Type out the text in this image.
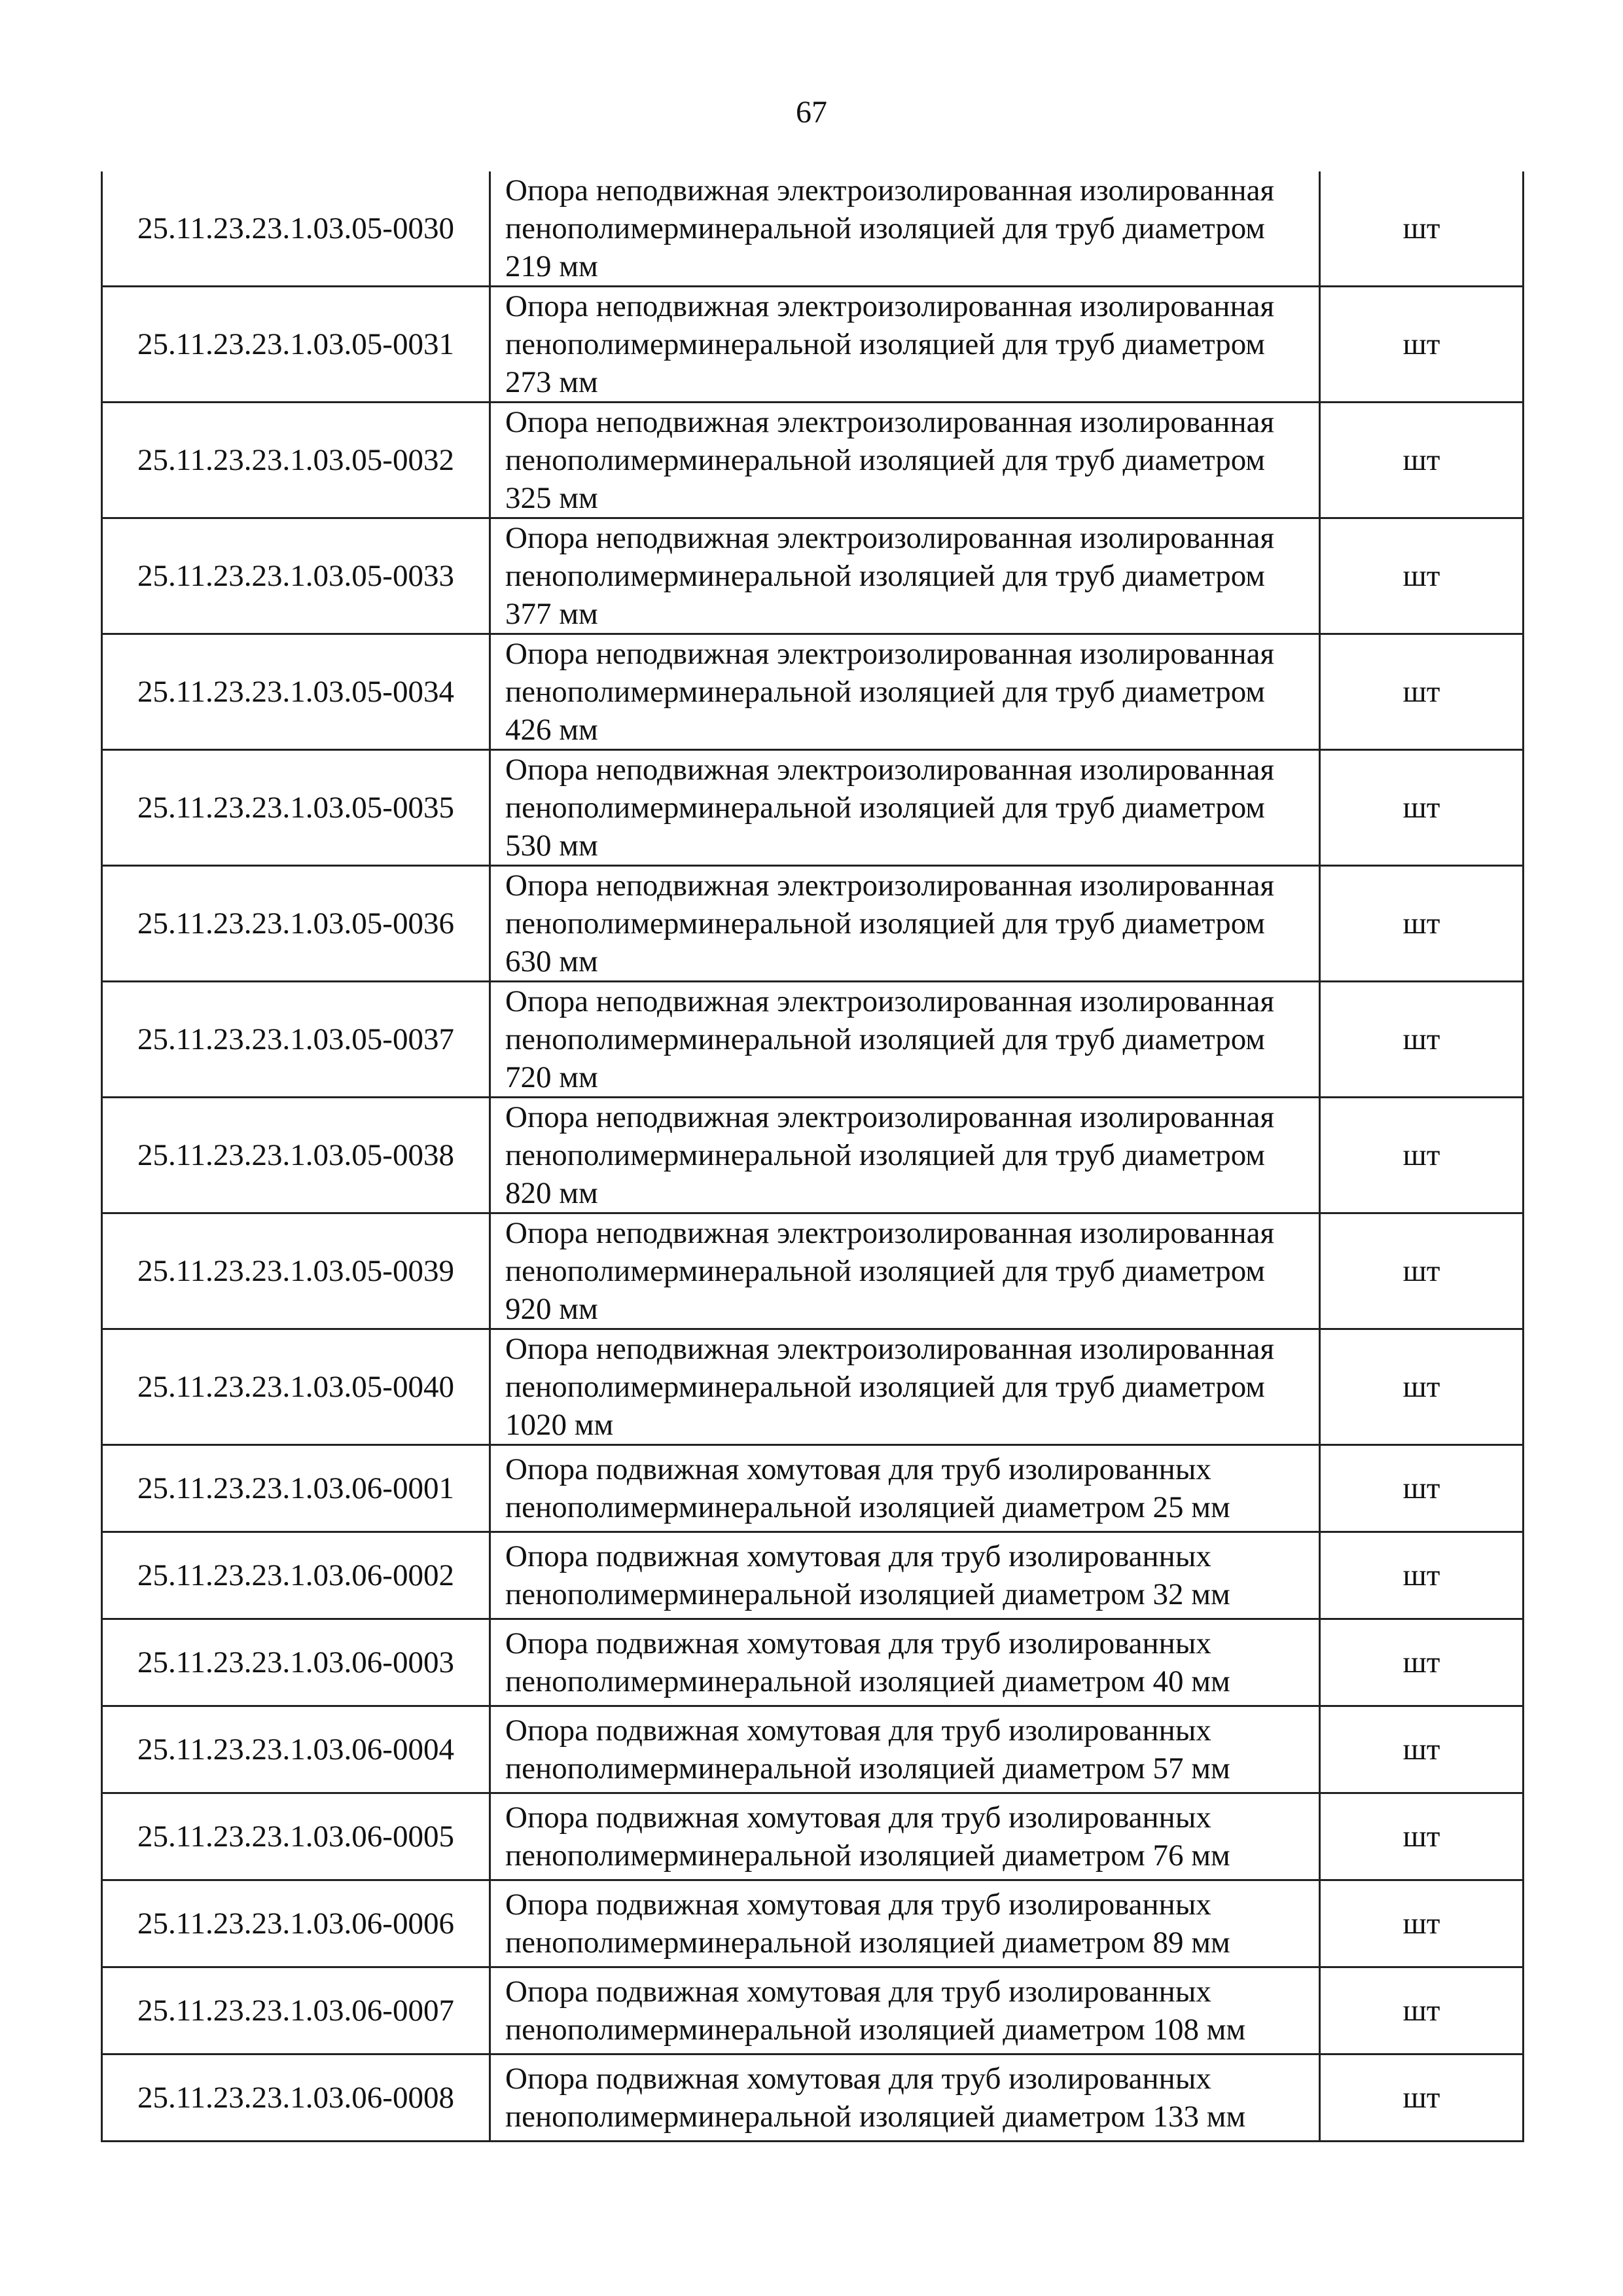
67
25.11.23.23.1.03.05-0030	Опора неподвижная электроизолированная изолированная пенополимерминеральной изоляцией для труб диаметром 219 мм	шт
25.11.23.23.1.03.05-0031	Опора неподвижная электроизолированная изолированная пенополимерминеральной изоляцией для труб диаметром 273 мм	шт
25.11.23.23.1.03.05-0032	Опора неподвижная электроизолированная изолированная пенополимерминеральной изоляцией для труб диаметром 325 мм	шт
25.11.23.23.1.03.05-0033	Опора неподвижная электроизолированная изолированная пенополимерминеральной изоляцией для труб диаметром 377 мм	шт
25.11.23.23.1.03.05-0034	Опора неподвижная электроизолированная изолированная пенополимерминеральной изоляцией для труб диаметром 426 мм	шт
25.11.23.23.1.03.05-0035	Опора неподвижная электроизолированная изолированная пенополимерминеральной изоляцией для труб диаметром 530 мм	шт
25.11.23.23.1.03.05-0036	Опора неподвижная электроизолированная изолированная пенополимерминеральной изоляцией для труб диаметром 630 мм	шт
25.11.23.23.1.03.05-0037	Опора неподвижная электроизолированная изолированная пенополимерминеральной изоляцией для труб диаметром 720 мм	шт
25.11.23.23.1.03.05-0038	Опора неподвижная электроизолированная изолированная пенополимерминеральной изоляцией для труб диаметром 820 мм	шт
25.11.23.23.1.03.05-0039	Опора неподвижная электроизолированная изолированная пенополимерминеральной изоляцией для труб диаметром 920 мм	шт
25.11.23.23.1.03.05-0040	Опора неподвижная электроизолированная изолированная пенополимерминеральной изоляцией для труб диаметром 1020 мм	шт
25.11.23.23.1.03.06-0001	Опора подвижная хомутовая для труб изолированных пенополимерминеральной изоляцией диаметром 25 мм	шт
25.11.23.23.1.03.06-0002	Опора подвижная хомутовая для труб изолированных пенополимерминеральной изоляцией диаметром 32 мм	шт
25.11.23.23.1.03.06-0003	Опора подвижная хомутовая для труб изолированных пенополимерминеральной изоляцией диаметром 40 мм	шт
25.11.23.23.1.03.06-0004	Опора подвижная хомутовая для труб изолированных пенополимерминеральной изоляцией диаметром 57 мм	шт
25.11.23.23.1.03.06-0005	Опора подвижная хомутовая для труб изолированных пенополимерминеральной изоляцией диаметром 76 мм	шт
25.11.23.23.1.03.06-0006	Опора подвижная хомутовая для труб изолированных пенополимерминеральной изоляцией диаметром 89 мм	шт
25.11.23.23.1.03.06-0007	Опора подвижная хомутовая для труб изолированных пенополимерминеральной изоляцией диаметром 108 мм	шт
25.11.23.23.1.03.06-0008	Опора подвижная хомутовая для труб изолированных пенополимерминеральной изоляцией диаметром 133 мм	шт
